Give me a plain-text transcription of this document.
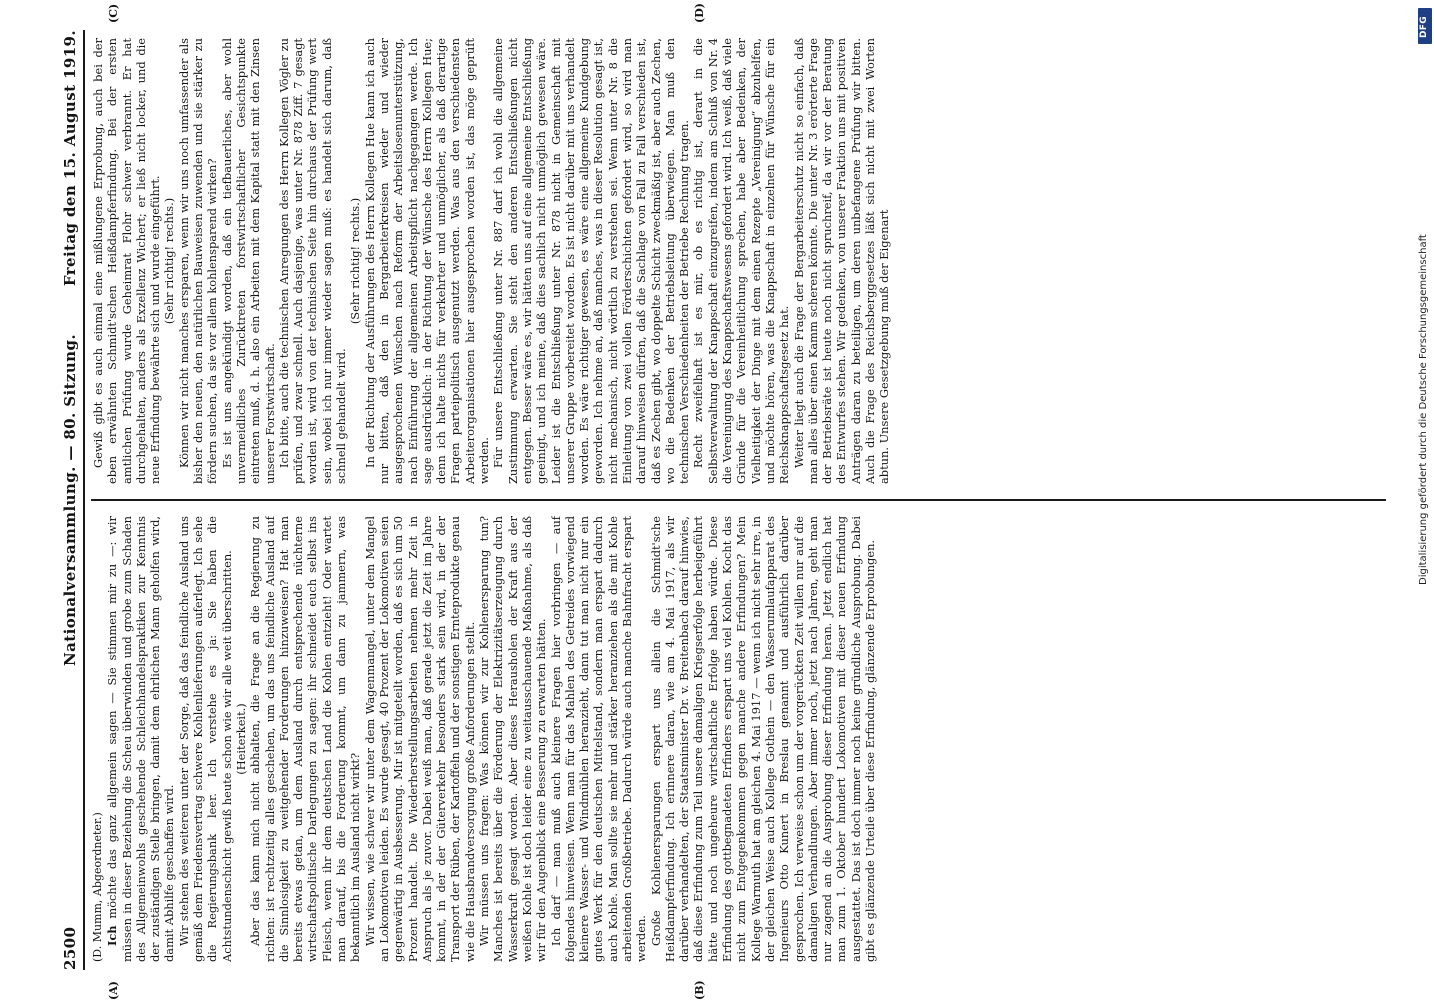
2500
Nationalversammlung. — 80. Sitzung.
Freitag den 15. August 1919.
(A)	(B)
(C)	(D)

(D. Mumm, Abgeordneter.) Ich möchte das ganz allgemein sagen — Sie stimmen mir zu —: wir müssen in dieser Beziehung die Scheu überwinden und grobe zum Schaden des Allgemeinwohls geschehende Schleichhandelspraktiken zur Kenntnis der zuständigen Stelle bringen, damit dem ehrlichen Mann geholfen wird, damit Abhilfe geschaffen wird. Wir stehen des weiteren unter der Sorge, daß das feindliche Ausland uns gemäß dem Friedensvertrag schwere Kohlenlieferungen auferlegt. Ich sehe die Regierungsbank leer. Ich verstehe es ja: Sie haben die Achtstundenschicht gewiß heute schon wie wir alle weit überschritten. (Heiterkeit.) Aber das kann mich nicht abhalten, die Frage an die Regierung zu richten: ist rechtzeitig alles geschehen, um das uns feindliche Ausland auf die Sinnlosigkeit zu weitgehender Forderungen hinzuweisen? Hat man bereits etwas getan, um dem Ausland durch entsprechende nüchterne wirtschaftspolitische Darlegungen zu sagen: ihr schneidet euch selbst ins Fleisch, wenn ihr dem deutschen Land die Kohlen entzieht! Oder wartet man darauf, bis die Forderung kommt, um dann zu jammern, was bekanntlich im Ausland nicht wirkt? Wir wissen, wie schwer wir unter dem Wagenmangel, unter dem Mangel an Lokomotiven leiden. Es wurde gesagt, 40 Prozent der Lokomotiven seien gegenwärtig in Ausbesserung. Mir ist mitgeteilt worden, daß es sich um 50 Prozent handelt. Die Wiederherstellungsarbeiten nehmen mehr Zeit in Anspruch als je zuvor. Dabei weiß man, daß gerade jetzt die Zeit im Jahre kommt, in der der Güterverkehr besonders stark sein wird, in der der Transport der Rüben, der Kartoffeln und der sonstigen Ernteprodukte genau wie die Hausbrandversorgung große Anforderungen stellt. Wir müssen uns fragen: Was können wir zur Kohlenersparung tun? Manches ist bereits über die Förderung der Elektrizitätserzeugung durch Wasserkraft gesagt worden. Aber dieses Herausholen der Kraft aus der weißen Kohle ist doch leider eine zu weitausschauende Maßnahme, als daß wir für den Augenblick eine Besserung zu erwarten hätten. Ich darf — man muß auch kleinere Fragen hier vorbringen — auf folgendes hinweisen. Wenn man für das Mahlen des Getreides vorwiegend kleinere Wasser- und Windmühlen heranzieht, dann tut man nicht nur ein gutes Werk für den deutschen Mittelstand, sondern man erspart dadurch auch Kohle. Man sollte sie mehr und stärker heranziehen als die mit Kohle arbeitenden Großbetriebe. Dadurch würde auch manche Bahnfracht erspart werden. Große Kohlenersparungen erspart uns allein die Schmidt'sche Heißdampferfindung. Ich erinnere daran, wie am 4. Mai 1917, als wir darüber verhandelten, der Staatsminister Dr. v. Breitenbach darauf hinwies, daß diese Erfindung zum Teil unsere damaligen Kriegserfolge herbeigeführt hätte und noch ungeheure wirtschaftliche Erfolge haben würde. Diese Erfindung des gottbegnadeten Erfinders erspart uns viel Kohlen. Kocht das nicht zum Entgegenkommen gegen manche andere Erfindungen? Mein Kollege Warmuth hat am gleichen 4. Mai 1917 — wenn ich nicht sehr irre, in der gleichen Weise auch Kollege Gothein — den Wasserumlaufapparat des Ingenieurs Otto Kunert in Breslau genannt und ausführlich darüber gesprochen. Ich verweise schon um der vorgerückten Zeit willen nur auf die damaligen Verhandlungen. Aber immer noch, jetzt nach Jahren, geht man nur zagend an die Ausprobung dieser Erfindung heran. Jetzt endlich hat man zum 1. Oktober hundert Lokomotiven mit dieser neuen Erfindung ausgestattet. Das ist doch immer noch keine gründliche Ausprobung. Dabei gibt es glänzende Urteile über diese Erfindung, glänzende Erprobungen.

Gewiß gibt es auch einmal eine mißlungene Erprobung, auch bei der eben erwähnten Schmidt'schen Heißdampferfindung. Bei der ersten amtlichen Prüfung wurde Geheimrat Flohr schwer verbrannt. Er hat durchgehalten, anders als Exzellenz Wichert; er ließ nicht locker, und die neue Erfindung bewährte sich und wurde eingeführt. (Sehr richtig! rechts.) Können wir nicht manches ersparen, wenn wir uns noch umfassender als bisher den neuen, den natürlichen Bauweisen zuwenden und sie stärker zu fördern suchen, da sie vor allem kohlensparend wirken? Es ist uns angekündigt worden, daß ein tiefbauerliches, aber wohl unvermeidliches Zurücktreten forstwirtschaftlicher Gesichtspunkte eintreten muß, d. h. also ein Arbeiten mit dem Kapital statt mit den Zinsen unserer Forstwirtschaft. Ich bitte, auch die technischen Anregungen des Herrn Kollegen Vögler zu prüfen, und zwar schnell. Auch dasjenige, was unter Nr. 878 Ziff. 7 gesagt worden ist, wird von der technischen Seite hin durchaus der Prüfung wert sein, wobei ich nur immer wieder sagen muß: es handelt sich darum, daß schnell gehandelt wird.

(Sehr richtig! rechts.) In der Richtung der Ausführungen des Herrn Kollegen Hue kann ich auch nur bitten, daß den in Bergarbeiterkreisen wieder und wieder ausgesprochenen Wünschen nach Reform der Arbeitslosenunterstützung, nach Einführung der allgemeinen Arbeitspflicht nachgegangen werde. Ich sage ausdrücklich: in der Richtung der Wünsche des Herrn Kollegen Hue; denn ich halte nichts für verkehrter und unmöglicher, als daß derartige Fragen parteipolitisch ausgenutzt werden. Was aus den verschiedensten Arbeiterorganisationen hier ausgesprochen worden ist, das möge geprüft werden. Für unsere Entschließung unter Nr. 887 darf ich wohl die allgemeine Zustimmung erwarten. Sie steht den anderen Entschließungen nicht entgegen. Besser wäre es, wir hätten uns auf eine allgemeine Entschließung geeinigt, und ich meine, daß dies sachlich nicht unmöglich gewesen wäre. Leider ist die Entschließung unter Nr. 878 nicht in Gemeinschaft mit unserer Gruppe vorbereitet worden. Es ist nicht darüber mit uns verhandelt worden. Es wäre richtiger gewesen, es wäre eine allgemeine Kundgebung geworden. Ich nehme an, daß manches, was in dieser Resolution gesagt ist, nicht mechanisch, nicht wörtlich zu verstehen sei. Wenn unter Nr. 8 die Einleitung von zwei vollen Förderschichten gefordert wird, so wird man darauf hinweisen dürfen, daß die Sachlage von Fall zu Fall verschieden ist, daß es Zechen gibt, wo doppelte Schicht zweckmäßig ist, aber auch Zechen, wo die Bedenken der Betriebsleitung überwiegen. Man muß den technischen Verschiedenheiten der Betriebe Rechnung tragen. Recht zweifelhaft ist es mir, ob es richtig ist, derart in die Selbstverwaltung der Knappschaft einzugreifen, indem am Schluß von Nr. 4 die Vereinigung des Knappschaftswesens gefordert wird. Ich weiß, daß viele Gründe für die Vereinheitlichung sprechen, habe aber Bedenken, der Vielheitigkeit der Dinge mit dem einen Rezepte „Vereinigung“ abzuhelfen, und möchte hören, was die Knappschaft in einzelnen für Wünsche für ein Reichsknappschaftsgesetz hat. Weiter liegt auch die Frage der Bergarbeiterschutz nicht so einfach, daß man alles über einen Kamm scheren könnte. Die unter Nr. 3 erörterte Frage der Betriebsräte ist heute noch nicht spruchreif, da wir vor der Beratung des Entwurfes stehen. Wir gedenken, von unserer Fraktion uns mit positiven Anträgen daran zu beteiligen, um deren unbefangene Prüfung wir bitten. Auch die Frage des Reichsberggesetzes läßt sich nicht mit zwei Worten abtun. Unsere Gesetzgebung muß der Eigenart	Digitalisierung gefördert durch die Deutsche Forschungsgemeinschaft
DFG
